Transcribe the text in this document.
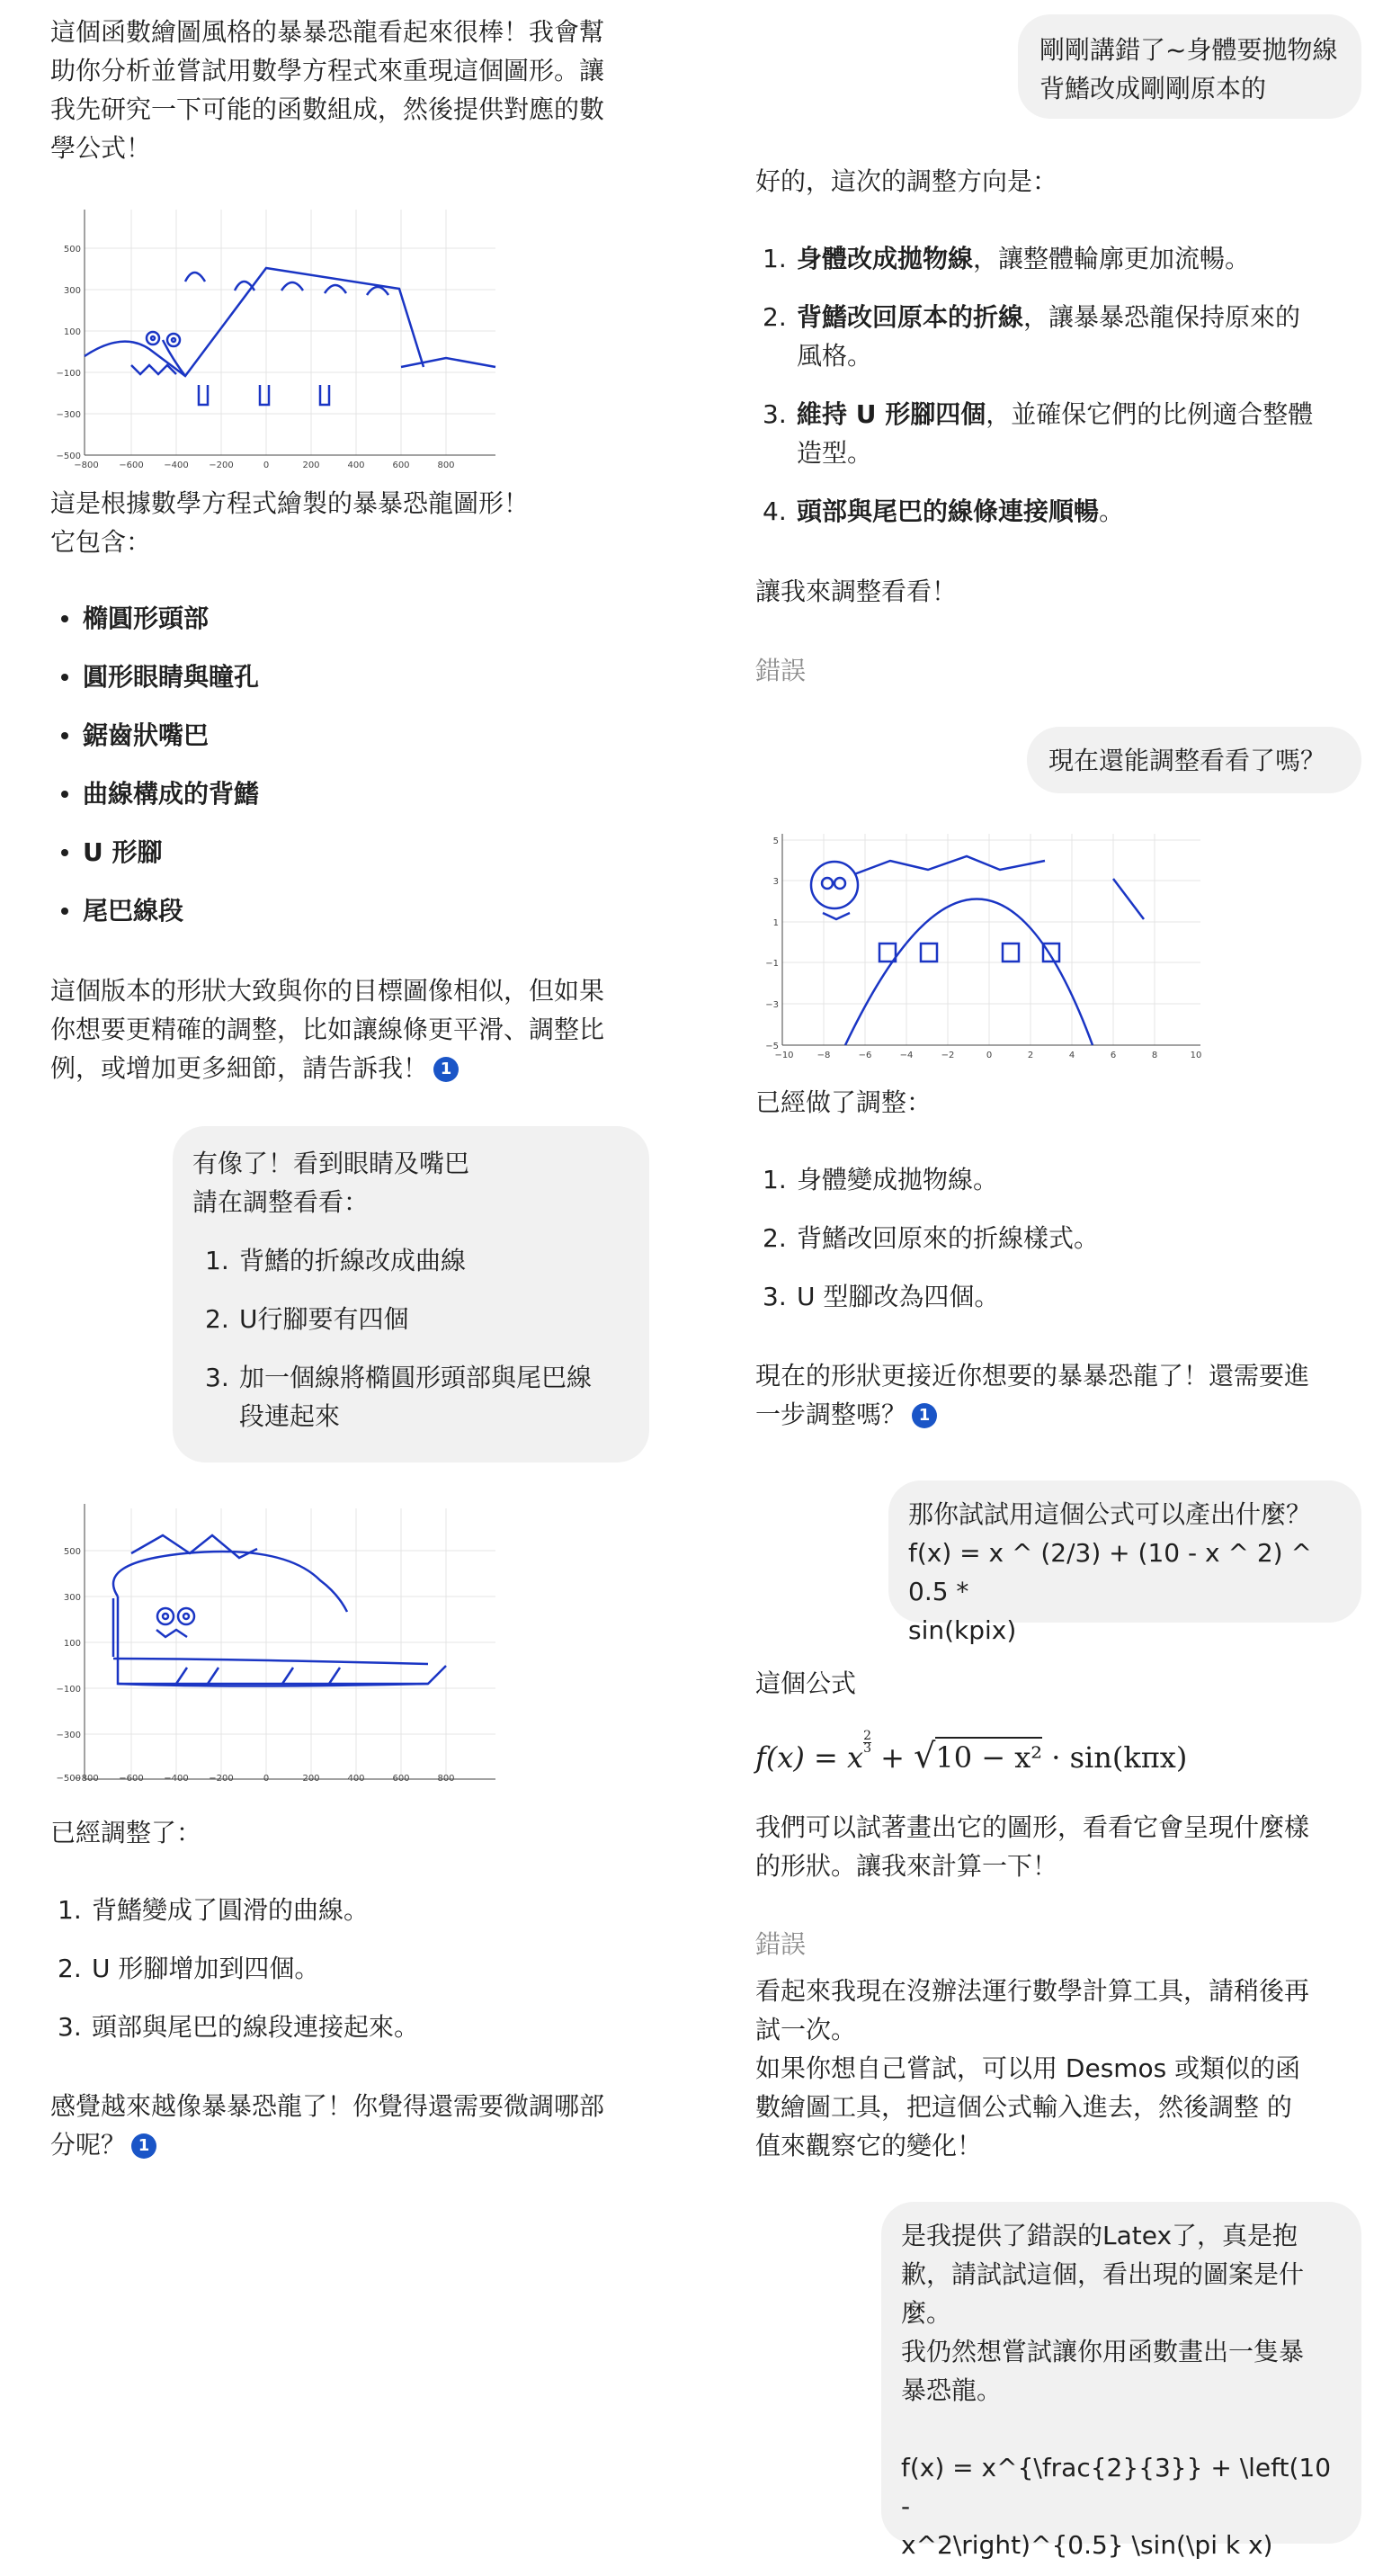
這個函數繪圖風格的暴暴恐龍看起來很棒！我會幫
助你分析並嘗試用數學方程式來重現這個圖形。讓
我先研究一下可能的函數組成，然後提供對應的數
學公式！
500
300
100
−100
−300
−500
−800 −600 −400 −200	0	200	400	600	800
這是根據數學方程式繪製的暴暴恐龍圖形！
它包含：
橢圓形頭部
圓形眼睛與瞳孔
鋸齒狀嘴巴
曲線構成的背鰭
U 形腳
尾巴線段
這個版本的形狀大致與你的目標圖像相似，但如果
你想要更精確的調整，比如讓線條更平滑、調整比
例，或增加更多細節，請告訴我！ 1
有像了！看到眼睛及嘴巴
請在調整看看：
1. 背鰭的折線改成曲線
2. U行腳要有四個
3. 加一個線將橢圓形頭部與尾巴線
段連起來
500
300
100
−100
−300
−500
−800 −600 −400 −200	0	200	400	600	800
已經調整了：
1. 背鰭變成了圓滑的曲線。
2. U 形腳增加到四個。
3. 頭部與尾巴的線段連接起來。
感覺越來越像暴暴恐龍了！你覺得還需要微調哪部
分呢？ 1
剛剛講錯了~身體要拋物線
背鰭改成剛剛原本的
好的，這次的調整方向是：
1. 身體改成拋物線，讓整體輪廓更加流暢。
2. 背鰭改回原本的折線，讓暴暴恐龍保持原來的
風格。
3. 維持 U 形腳四個，並確保它們的比例適合整體
造型。
4. 頭部與尾巴的線條連接順暢。
讓我來調整看看！
錯誤
現在還能調整看看了嗎？
5
3
1
−1
−3
−5
−10	−8	−6	−4	−2	0	2	4	6	8	10
已經做了調整：
1. 身體變成拋物線。
2. 背鰭改回原來的折線樣式。
3. U 型腳改為四個。
現在的形狀更接近你想要的暴暴恐龍了！還需要進
一步調整嗎？ 1
那你試試用這個公式可以產出什麼？
f(x) = x ^ (2/3) + (10 - x ^ 2) ^ 0.5 *
sin(kpix)
這個公式
f(x) = x $^{\frac{2}{3}}$ + √10 − x² · sin(kπx)
我們可以試著畫出它的圖形，看看它會呈現什麼樣
的形狀。讓我來計算一下！
錯誤
看起來我現在沒辦法運行數學計算工具，請稍後再
試一次。
如果你想自己嘗試，可以用 Desmos 或類似的函
數繪圖工具，把這個公式輸入進去，然後調整 的
值來觀察它的變化！
是我提供了錯誤的Latex了，真是抱
歉，請試試這個，看出現的圖案是什
麼。
我仍然想嘗試讓你用函數畫出一隻暴
暴恐龍。
f(x) = x^{\frac{2}{3}} + \left(10 -
x^2\right)^{0.5} \sin(\pi k x)
